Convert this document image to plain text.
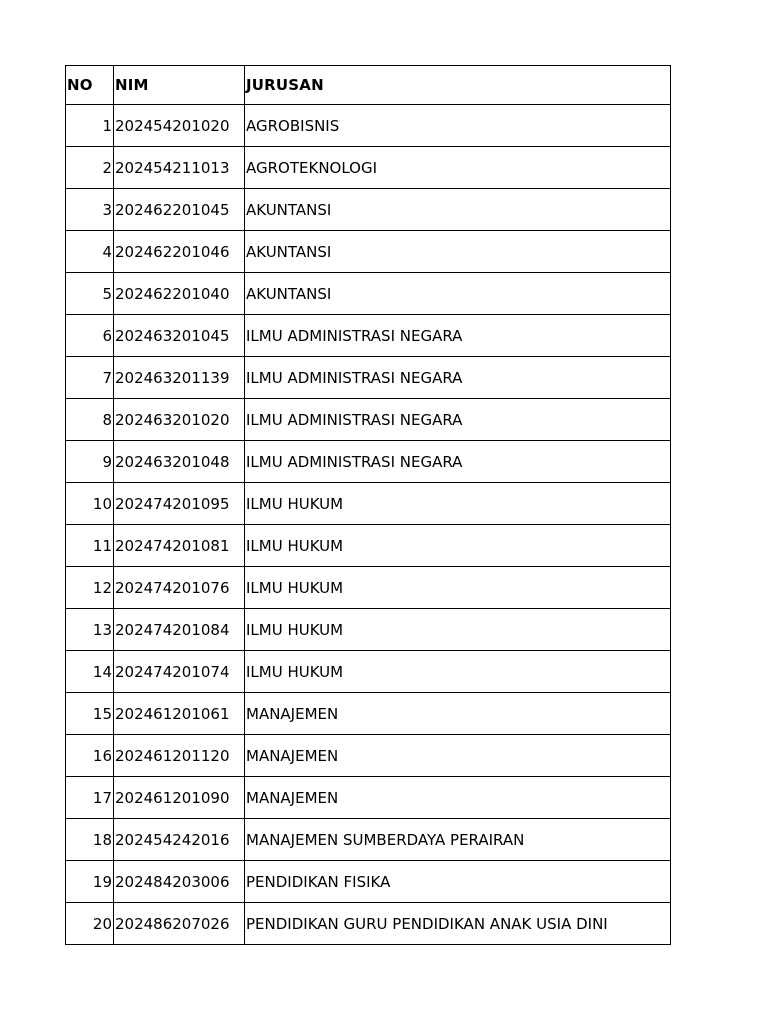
NO	NIM	JURUSAN
1	202454201020	AGROBISNIS
2	202454211013	AGROTEKNOLOGI
3	202462201045	AKUNTANSI
4	202462201046	AKUNTANSI
5	202462201040	AKUNTANSI
6	202463201045	ILMU ADMINISTRASI NEGARA
7	202463201139	ILMU ADMINISTRASI NEGARA
8	202463201020	ILMU ADMINISTRASI NEGARA
9	202463201048	ILMU ADMINISTRASI NEGARA
10	202474201095	ILMU HUKUM
11	202474201081	ILMU HUKUM
12	202474201076	ILMU HUKUM
13	202474201084	ILMU HUKUM
14	202474201074	ILMU HUKUM
15	202461201061	MANAJEMEN
16	202461201120	MANAJEMEN
17	202461201090	MANAJEMEN
18	202454242016	MANAJEMEN SUMBERDAYA PERAIRAN
19	202484203006	PENDIDIKAN FISIKA
20	202486207026	PENDIDIKAN GURU PENDIDIKAN ANAK USIA DINI
